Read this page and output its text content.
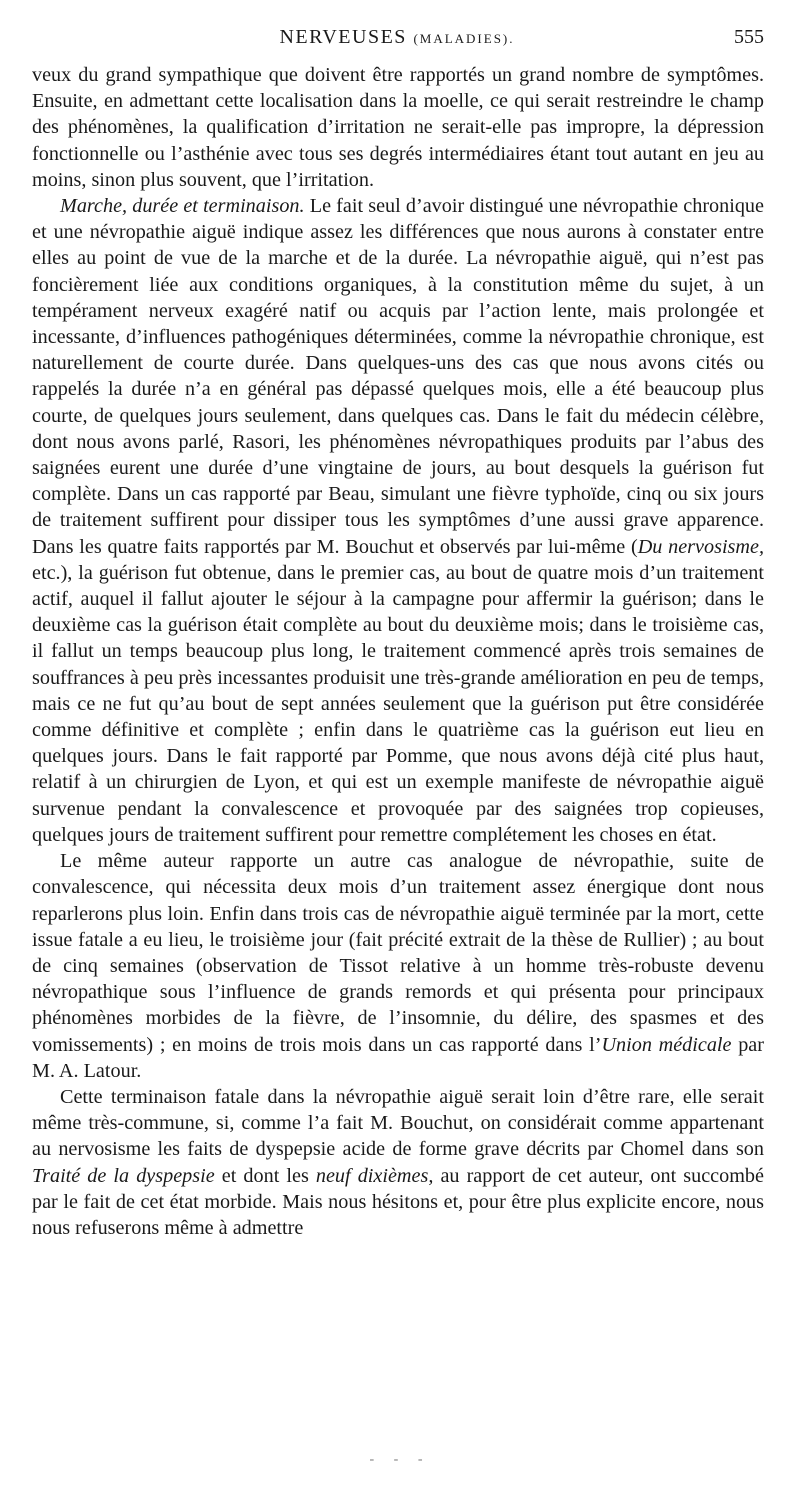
NERVEUSES (MALADIES).	555

veux du grand sympathique que doivent être rapportés un grand nombre de symptômes. Ensuite, en admettant cette localisation dans la moelle, ce qui serait restreindre le champ des phénomènes, la qualification d’irritation ne serait-elle pas impropre, la dépression fonctionnelle ou l’asthénie avec tous ses degrés intermédiaires étant tout autant en jeu au moins, sinon plus souvent, que l’irritation.

Marche, durée et terminaison. Le fait seul d’avoir distingué une névropathie chronique et une névropathie aiguë indique assez les différences que nous aurons à constater entre elles au point de vue de la marche et de la durée. La névropathie aiguë, qui n’est pas foncièrement liée aux conditions organiques, à la constitution même du sujet, à un tempérament nerveux exagéré natif ou acquis par l’action lente, mais prolongée et incessante, d’influences pathogéniques déterminées, comme la névropathie chronique, est naturellement de courte durée. Dans quelques-uns des cas que nous avons cités ou rappelés la durée n’a en général pas dépassé quelques mois, elle a été beaucoup plus courte, de quelques jours seulement, dans quelques cas. Dans le fait du médecin célèbre, dont nous avons parlé, Rasori, les phénomènes névropathiques produits par l’abus des saignées eurent une durée d’une vingtaine de jours, au bout desquels la guérison fut complète. Dans un cas rapporté par Beau, simulant une fièvre typhoïde, cinq ou six jours de traitement suffirent pour dissiper tous les symptômes d’une aussi grave apparence. Dans les quatre faits rapportés par M. Bouchut et observés par lui-même (Du nervosisme, etc.), la guérison fut obtenue, dans le premier cas, au bout de quatre mois d’un traitement actif, auquel il fallut ajouter le séjour à la campagne pour affermir la guérison; dans le deuxième cas la guérison était complète au bout du deuxième mois; dans le troisième cas, il fallut un temps beaucoup plus long, le traitement commencé après trois semaines de souffrances à peu près incessantes produisit une très-grande amélioration en peu de temps, mais ce ne fut qu’au bout de sept années seulement que la guérison put être considérée comme définitive et complète ; enfin dans le quatrième cas la guérison eut lieu en quelques jours. Dans le fait rapporté par Pomme, que nous avons déjà cité plus haut, relatif à un chirurgien de Lyon, et qui est un exemple manifeste de névropathie aiguë survenue pendant la convalescence et provoquée par des saignées trop copieuses, quelques jours de traitement suffirent pour remettre complétement les choses en état.

Le même auteur rapporte un autre cas analogue de névropathie, suite de convalescence, qui nécessita deux mois d’un traitement assez énergique dont nous reparlerons plus loin. Enfin dans trois cas de névropathie aiguë terminée par la mort, cette issue fatale a eu lieu, le troisième jour (fait précité extrait de la thèse de Rullier) ; au bout de cinq semaines (observation de Tissot relative à un homme très-robuste devenu névropathique sous l’influence de grands remords et qui présenta pour principaux phénomènes morbides de la fièvre, de l’insomnie, du délire, des spasmes et des vomissements) ; en moins de trois mois dans un cas rapporté dans l’Union médicale par M. A. Latour.

Cette terminaison fatale dans la névropathie aiguë serait loin d’être rare, elle serait même très-commune, si, comme l’a fait M. Bouchut, on considérait comme appartenant au nervosisme les faits de dyspepsie acide de forme grave décrits par Chomel dans son Traité de la dyspepsie et dont les neuf dixièmes, au rapport de cet auteur, ont succombé par le fait de cet état morbide. Mais nous hésitons et, pour être plus explicite encore, nous nous refuserons même à admettre

- - -
